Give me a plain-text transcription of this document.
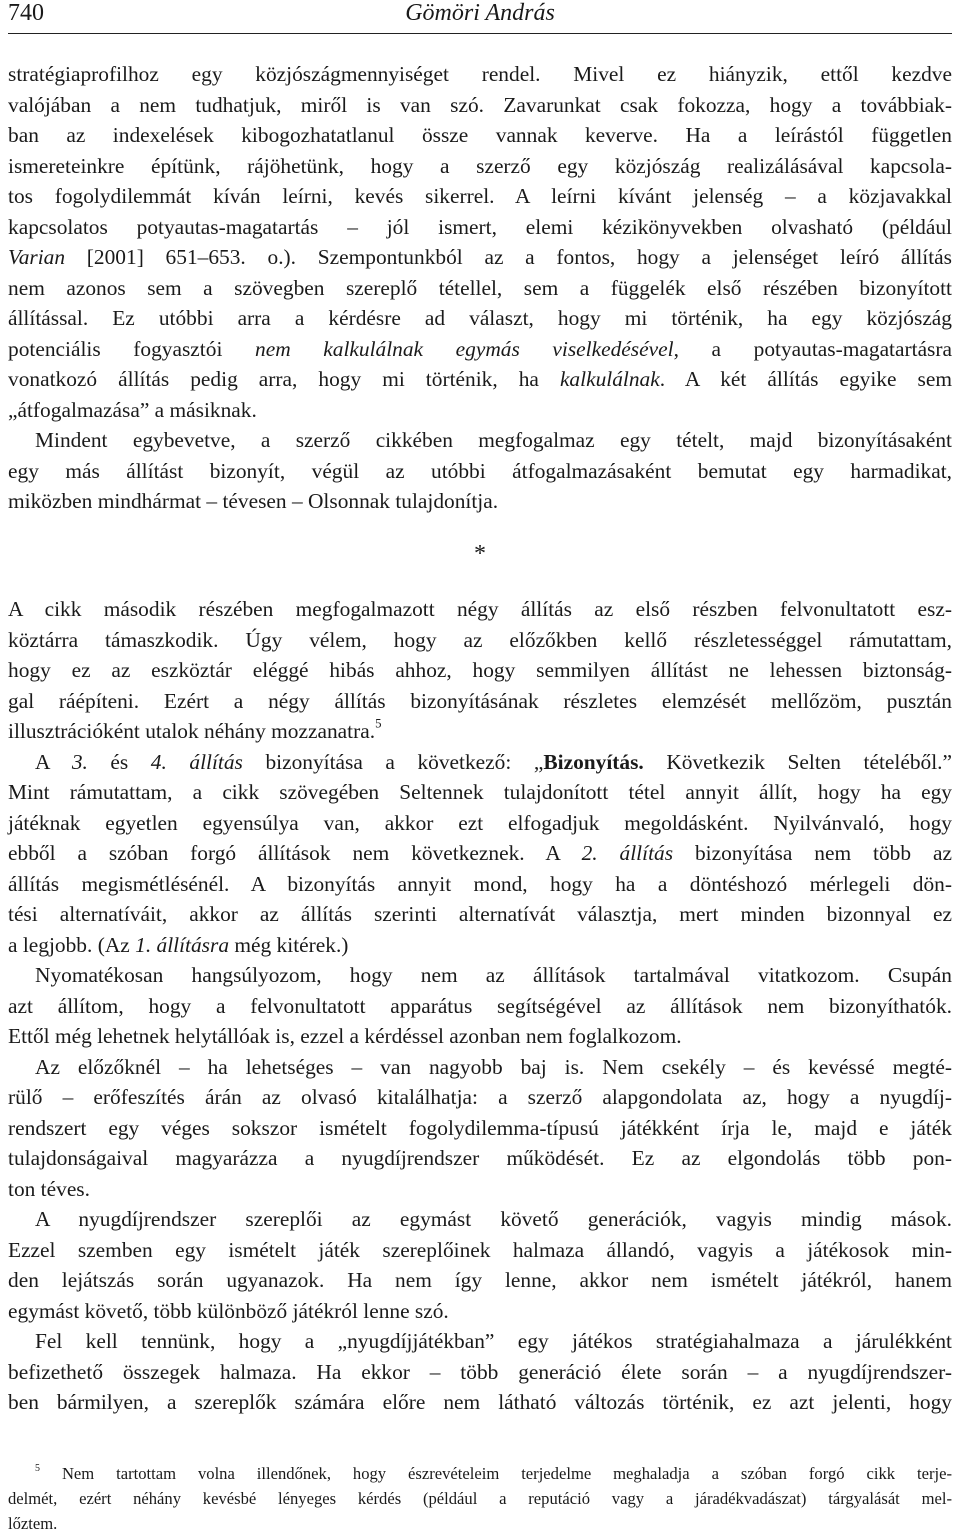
740	Gömöri András
stratégiaprofilhoz egy közjószágmennyiséget rendel. Mivel ez hiányzik, ettől kezdve
valójában a nem tudhatjuk, miről is van szó. Zavarunkat csak fokozza, hogy a továbbiak-
ban az indexelések kibogozhatatlanul össze vannak keverve. Ha a leírástól független
ismereteinkre építünk, rájöhetünk, hogy a szerző egy közjószág realizálásával kapcsola-
tos fogolydilemmát kíván leírni, kevés sikerrel. A leírni kívánt jelenség – a közjavakkal
kapcsolatos potyautas-magatartás – jól ismert, elemi kézikönyvekben olvasható (például
Varian [2001] 651–653. o.). Szempontunkból az a fontos, hogy a jelenséget leíró állítás
nem azonos sem a szövegben szereplő tétellel, sem a függelék első részében bizonyított
állítással. Ez utóbbi arra a kérdésre ad választ, hogy mi történik, ha egy közjószág
potenciális fogyasztói nem kalkulálnak egymás viselkedésével, a potyautas-magatartásra
vonatkozó állítás pedig arra, hogy mi történik, ha kalkulálnak. A két állítás egyike sem
„átfogalmazása” a másiknak.
Mindent egybevetve, a szerző cikkében megfogalmaz egy tételt, majd bizonyításaként
egy más állítást bizonyít, végül az utóbbi átfogalmazásaként bemutat egy harmadikat,
miközben mindhármat – tévesen – Olsonnak tulajdonítja.
*
A cikk második részében megfogalmazott négy állítás az első részben felvonultatott esz-
köztárra támaszkodik. Úgy vélem, hogy az előzőkben kellő részletességgel rámutattam,
hogy ez az eszköztár eléggé hibás ahhoz, hogy semmilyen állítást ne lehessen biztonság-
gal ráépíteni. Ezért a négy állítás bizonyításának részletes elemzését mellőzöm, pusztán
illusztrációként utalok néhány mozzanatra.$^5$
A 3. és 4. állítás bizonyítása a következő: „Bizonyítás. Következik Selten tételéből.”
Mint rámutattam, a cikk szövegében Seltennek tulajdonított tétel annyit állít, hogy ha egy
játéknak egyetlen egyensúlya van, akkor ezt elfogadjuk megoldásként. Nyilvánvaló, hogy
ebből a szóban forgó állítások nem következnek. A 2. állítás bizonyítása nem több az
állítás megismétlésénél. A bizonyítás annyit mond, hogy ha a döntéshozó mérlegeli dön-
tési alternatíváit, akkor az állítás szerinti alternatívát választja, mert minden bizonnyal ez
a legjobb. (Az 1. állításra még kitérek.)
Nyomatékosan hangsúlyozom, hogy nem az állítások tartalmával vitatkozom. Csupán
azt állítom, hogy a felvonultatott apparátus segítségével az állítások nem bizonyíthatók.
Ettől még lehetnek helytállóak is, ezzel a kérdéssel azonban nem foglalkozom.
Az előzőknél – ha lehetséges – van nagyobb baj is. Nem csekély – és kevéssé megté-
rülő – erőfeszítés árán az olvasó kitalálhatja: a szerző alapgondolata az, hogy a nyugdíj-
rendszert egy véges sokszor ismételt fogolydilemma-típusú játékként írja le, majd e játék
tulajdonságaival magyarázza a nyugdíjrendszer működését. Ez az elgondolás több pon-
ton téves.
A nyugdíjrendszer szereplői az egymást követő generációk, vagyis mindig mások.
Ezzel szemben egy ismételt játék szereplőinek halmaza állandó, vagyis a játékosok min-
den lejátszás során ugyanazok. Ha nem így lenne, akkor nem ismételt játékról, hanem
egymást követő, több különböző játékról lenne szó.
Fel kell tennünk, hogy a „nyugdíjjátékban” egy játékos stratégiahalmaza a járulékként
befizethető összegek halmaza. Ha ekkor – több generáció élete során – a nyugdíjrendszer-
ben bármilyen, a szereplők számára előre nem látható változás történik, ez azt jelenti, hogy
$^5$ Nem tartottam volna illendőnek, hogy észrevételeim terjedelme meghaladja a szóban forgó cikk terje-
delmét, ezért néhány kevésbé lényeges kérdés (például a reputáció vagy a járadékvadászat) tárgyalását mel-
lőztem.
